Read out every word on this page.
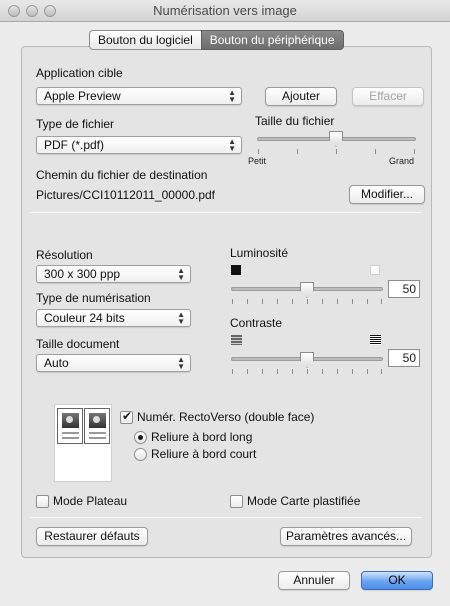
Numérisation vers image
Bouton du logiciel	Bouton du périphérique
Application cible
Apple Preview	▲
▼	Ajouter	Effacer
Type de fichier
PDF (*.pdf)	▲
▼
Taille du fichier
Petit	Grand
Chemin du fichier de destination
Pictures/CCI10112011_00000.pdf	Modifier...
Résolution
300 x 300 ppp	▲
▼
Type de numérisation
Couleur 24 bits	▲
▼
Taille document
Auto	▲
▼
Luminosité
50
Contraste
50
✔
Numér. RectoVerso (double face)
Reliure à bord long
Reliure à bord court
Mode Plateau	Mode Carte plastifiée
Restaurer défauts	Paramètres avancés...
Annuler	OK
